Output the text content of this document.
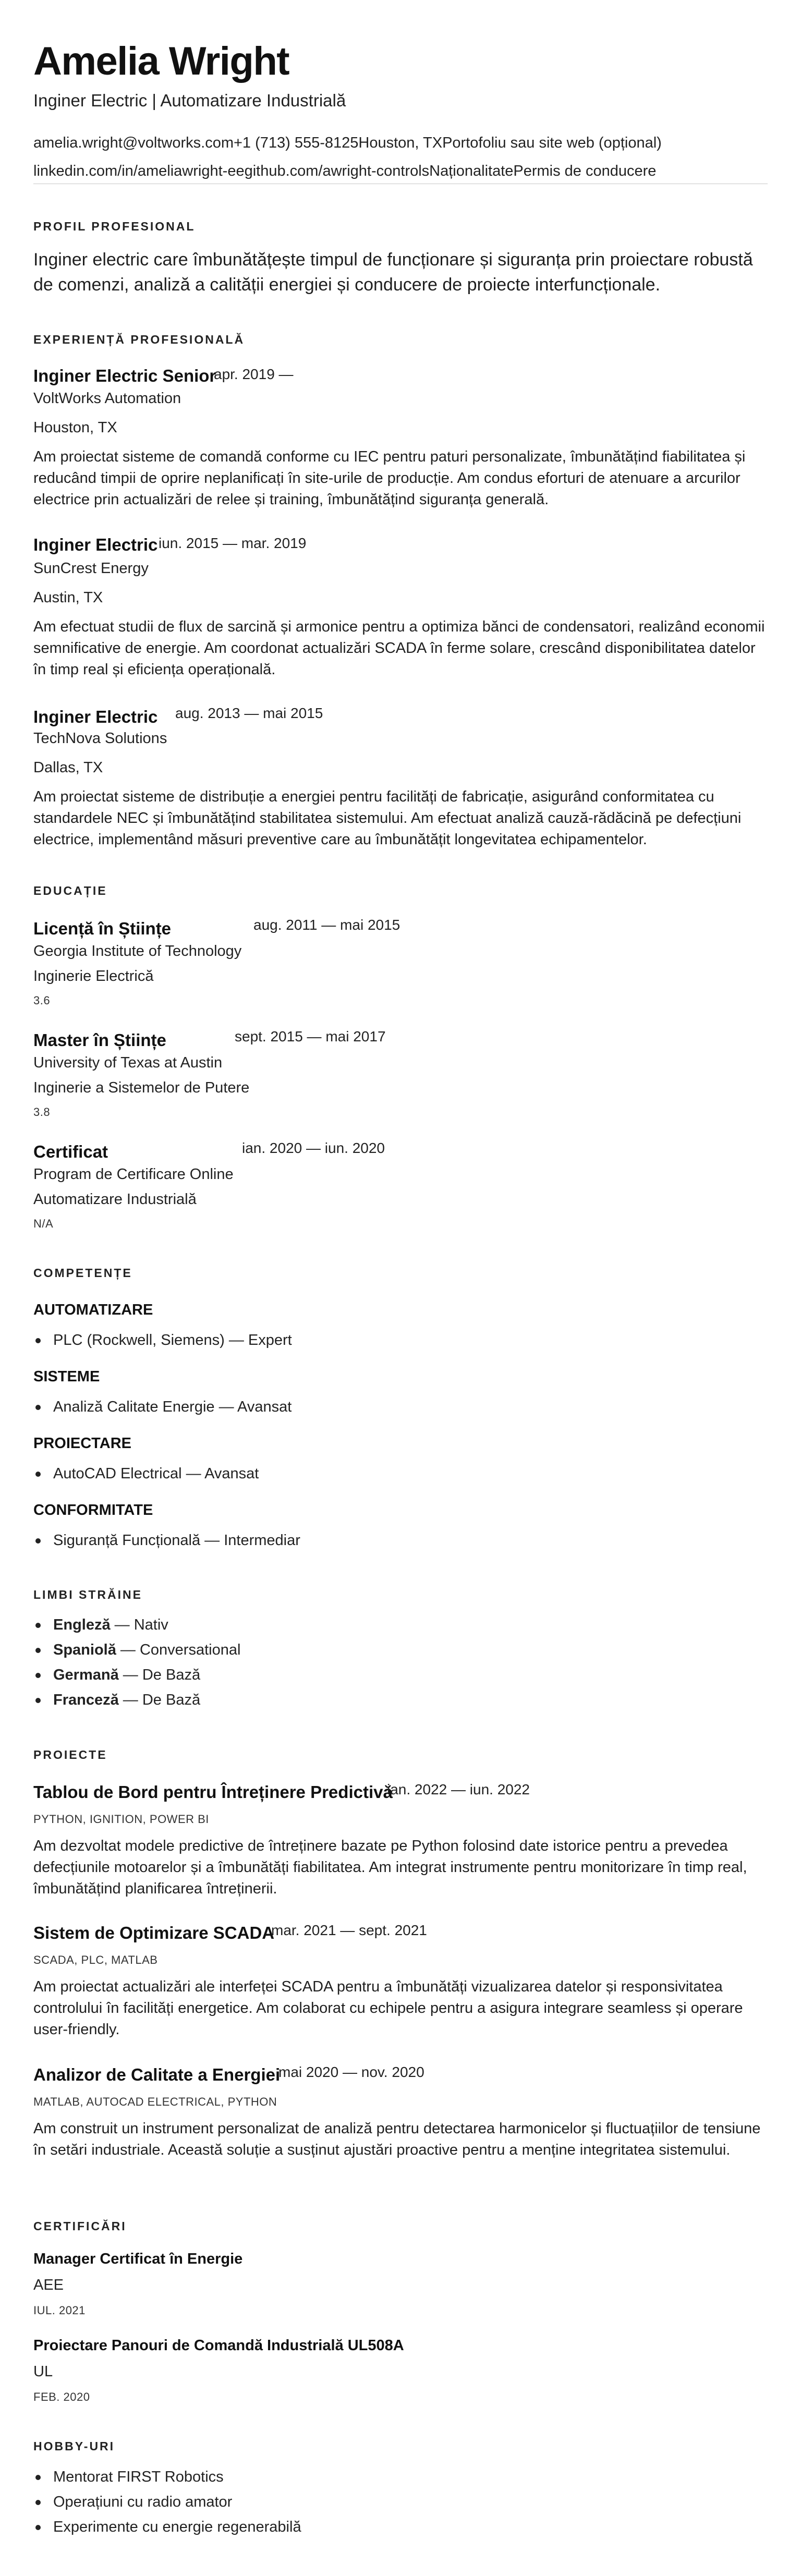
Amelia Wright
Inginer Electric | Automatizare Industrială
amelia.wright@voltworks.com+1 (713) 555-8125Houston, TXPortofoliu sau site web (opțional)
linkedin.com/in/ameliawright-eegithub.com/awright-controlsNaționalitatePermis de conducere
PROFIL PROFESIONAL
Inginer electric care îmbunătățește timpul de funcționare și siguranța prin proiectare robustă de comenzi, analiză a calității energiei și conducere de proiecte interfuncționale.
EXPERIENȚĂ PROFESIONALĂ
Inginer Electric Senior
apr. 2019 —
VoltWorks Automation
Houston, TX
Am proiectat sisteme de comandă conforme cu IEC pentru paturi personalizate, îmbunătățind fiabilitatea și reducând timpii de oprire neplanificați în site-urile de producție. Am condus eforturi de atenuare a arcurilor electrice prin actualizări de relee și training, îmbunătățind siguranța generală.
Inginer Electric iun. 2015 — mar. 2019
SunCrest Energy
Austin, TX
Am efectuat studii de flux de sarcină și armonice pentru a optimiza bănci de condensatori, realizând economii semnificative de energie. Am coordonat actualizări SCADA în ferme solare, crescând disponibilitatea datelor în timp real și eficiența operațională.
Inginer Electric aug. 2013 — mai 2015
TechNova Solutions
Dallas, TX
Am proiectat sisteme de distribuție a energiei pentru facilități de fabricație, asigurând conformitatea cu standardele NEC și îmbunătățind stabilitatea sistemului. Am efectuat analiză cauză-rădăcină pe defecțiuni electrice, implementând măsuri preventive care au îmbunătățit longevitatea echipamentelor.
EDUCAȚIE
Licență în Științe	aug. 2011 — mai 2015
Georgia Institute of Technology
Inginerie Electrică
3.6
Master în Științe	sept. 2015 — mai 2017
University of Texas at Austin
Inginerie a Sistemelor de Putere
3.8
Certificat	ian. 2020 — iun. 2020
Program de Certificare Online
Automatizare Industrială
N/A
COMPETENȚE
AUTOMATIZARE
PLC (Rockwell, Siemens) — Expert
SISTEME
Analiză Calitate Energie — Avansat
PROIECTARE
AutoCAD Electrical — Avansat
CONFORMITATE
Siguranță Funcțională — Intermediar
LIMBI STRĂINE
Engleză — Nativ
Spaniolă — Conversational
Germană — De Bază
Franceză — De Bază
PROIECTE
Tablou de Bord pentru Întreținere Predictivă
ian. 2022 — iun. 2022
PYTHON, IGNITION, POWER BI
Am dezvoltat modele predictive de întreținere bazate pe Python folosind date istorice pentru a prevedea defecțiunile motoarelor și a îmbunătăți fiabilitatea. Am integrat instrumente pentru monitorizare în timp real, îmbunătățind planificarea întreținerii.
Sistem de Optimizare SCADA
mar. 2021 — sept. 2021
SCADA, PLC, MATLAB
Am proiectat actualizări ale interfeței SCADA pentru a îmbunătăți vizualizarea datelor și responsivitatea controlului în facilități energetice. Am colaborat cu echipele pentru a asigura integrare seamless și operare user-friendly.
Analizor de Calitate a Energiei
mai 2020 — nov. 2020
MATLAB, AUTOCAD ELECTRICAL, PYTHON
Am construit un instrument personalizat de analiză pentru detectarea harmonicelor și fluctuațiilor de tensiune în setări industriale. Această soluție a susținut ajustări proactive pentru a menține integritatea sistemului.
CERTIFICĂRI
Manager Certificat în Energie
AEE
IUL. 2021
Proiectare Panouri de Comandă Industrială UL508A
UL
FEB. 2020
HOBBY-URI
Mentorat FIRST Robotics
Operațiuni cu radio amator
Experimente cu energie regenerabilă
